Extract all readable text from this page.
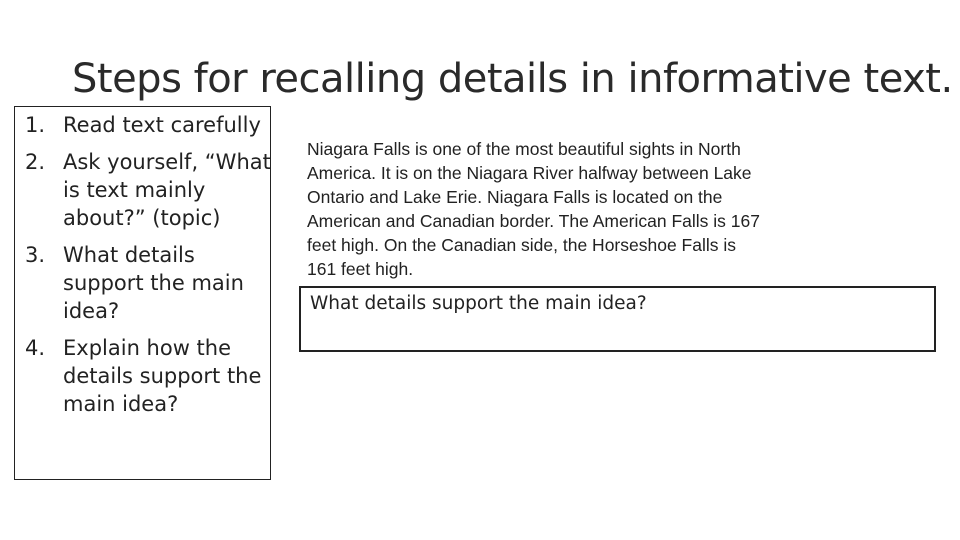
Steps for recalling details in informative text.
1. Read text carefully
2. Ask yourself, “What is text mainly about?” (topic)
3. What details support the main idea?
4. Explain how the details support the main idea?
Niagara Falls is one of the most beautiful sights in North
America. It is on the Niagara River halfway between Lake
Ontario and Lake Erie. Niagara Falls is located on the
American and Canadian border. The American Falls is 167
feet high. On the Canadian side, the Horseshoe Falls is
161 feet high.
What details support the main idea?
